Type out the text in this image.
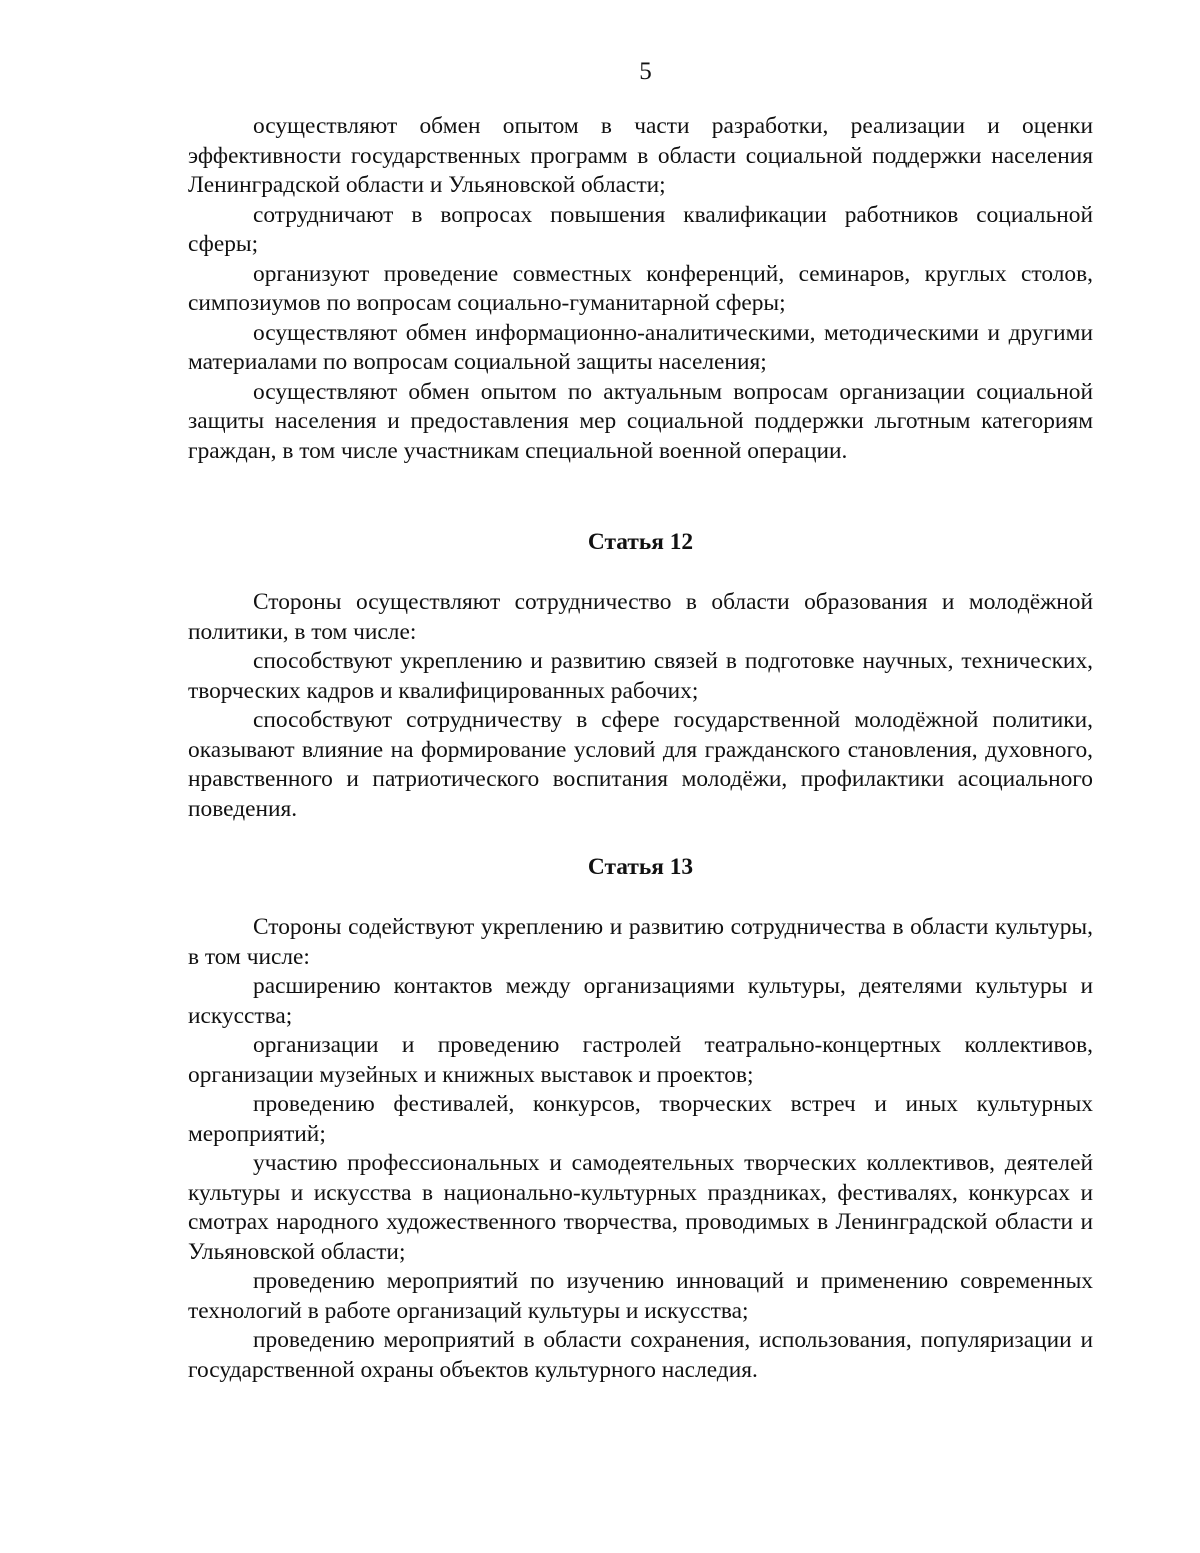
5

осуществляют обмен опытом в части разработки, реализации и оценки эффективности государственных программ в области социальной поддержки населения Ленинградской области и Ульяновской области;

сотрудничают в вопросах повышения квалификации работников социальной сферы;

организуют проведение совместных конференций, семинаров, круглых столов, симпозиумов по вопросам социально-гуманитарной сферы;

осуществляют обмен информационно-аналитическими, методическими и другими материалами по вопросам социальной защиты населения;

осуществляют обмен опытом по актуальным вопросам организации социальной защиты населения и предоставления мер социальной поддержки льготным категориям граждан, в том числе участникам специальной военной операции.

Статья 12

Стороны осуществляют сотрудничество в области образования и молодёжной политики, в том числе:

способствуют укреплению и развитию связей в подготовке научных, технических, творческих кадров и квалифицированных рабочих;

способствуют сотрудничеству в сфере государственной молодёжной политики, оказывают влияние на формирование условий для гражданского становления, духовного, нравственного и патриотического воспитания молодёжи, профилактики асоциального поведения.

Статья 13

Стороны содействуют укреплению и развитию сотрудничества в области культуры, в том числе:

расширению контактов между организациями культуры, деятелями культуры и искусства;

организации и проведению гастролей театрально-концертных коллективов, организации музейных и книжных выставок и проектов;

проведению фестивалей, конкурсов, творческих встреч и иных культурных мероприятий;

участию профессиональных и самодеятельных творческих коллективов, деятелей культуры и искусства в национально-культурных праздниках, фестивалях, конкурсах и смотрах народного художественного творчества, проводимых в Ленинградской области и Ульяновской области;

проведению мероприятий по изучению инноваций и применению современных технологий в работе организаций культуры и искусства;

проведению мероприятий в области сохранения, использования, популяризации и государственной охраны объектов культурного наследия.
